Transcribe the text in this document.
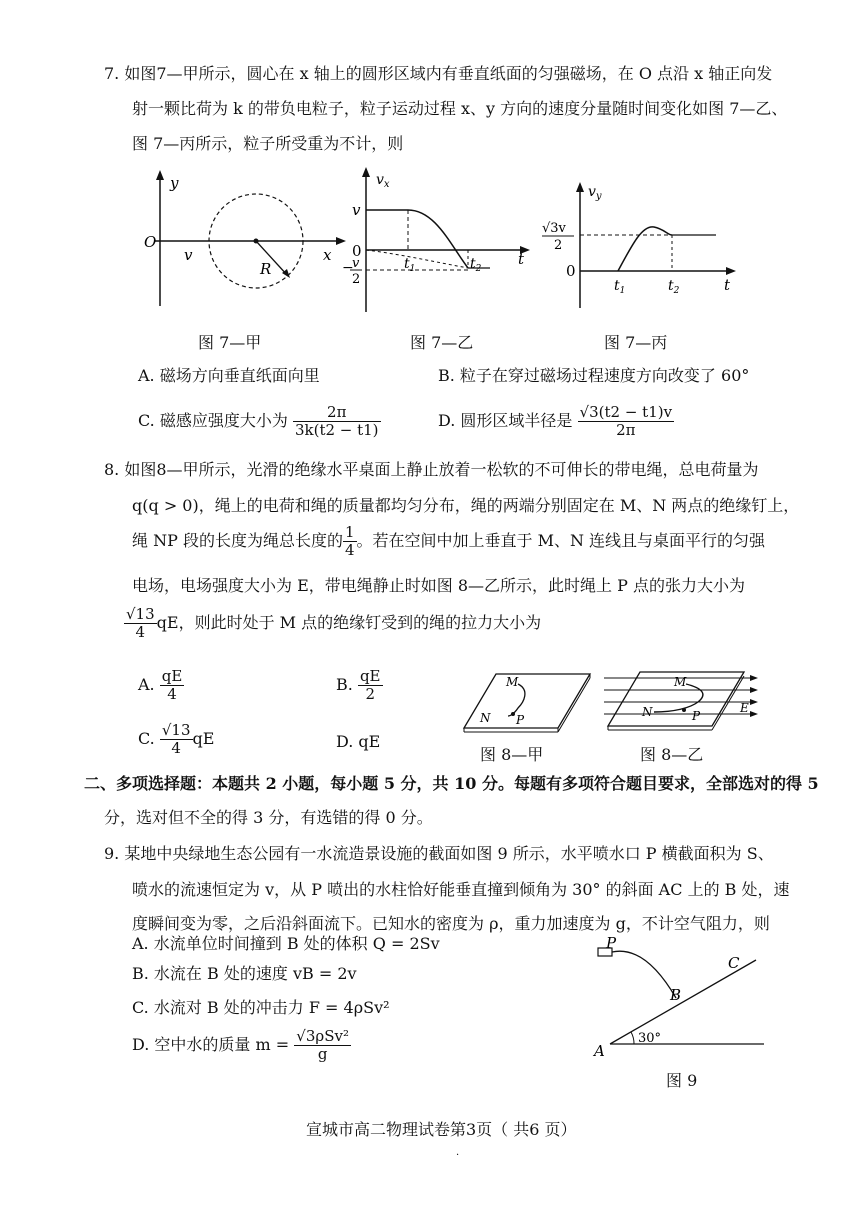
7. 如图7—甲所示，圆心在 x 轴上的圆形区域内有垂直纸面的匀强磁场，在 O 点沿 x 轴正向发
射一颗比荷为 k 的带负电粒子，粒子运动过程 x、y 方向的速度分量随时间变化如图 7—乙、
图 7—丙所示，粒子所受重为不计，则
y
O
v	x
R
图 7—甲
$v_x$
v
0
−
v
2
$t_1$	$t_2$
t
图 7—乙
$v_y$
√3v
2
0
$t_1$	$t_2$	t
图 7—丙
A. 磁场方向垂直纸面向里	B. 粒子在穿过磁场过程速度方向改变了 60°
C. 磁感应强度大小为 $\frac{2\pi}{3k(t2 - t1)}$	D. 圆形区域半径是 $\frac{√3(t2 - t1)v}{2\pi}$
8. 如图8—甲所示，光滑的绝缘水平桌面上静止放着一松软的不可伸长的带电绳，总电荷量为
q(q > 0)，绳上的电荷和绳的质量都均匀分布，绳的两端分别固定在 M、N 两点的绝缘钉上，
绳 NP 段的长度为绳总长度的 $\frac{1}{4}$ 。若在空间中加上垂直于 M、N 连线且与桌面平行的匀强
电场，电场强度大小为 E，带电绳静止时如图 8—乙所示，此时绳上 P 点的张力大小为
$\frac{√13}{4}$ qE，则此时处于 M 点的绝缘钉受到的绳的拉力大小为
A. $\frac{qE}{4}$	B. $\frac{qE}{2}$
C. $\frac{√13}{4}$ qE	D. qE
M
N P
图 8—甲
M
N	P
E
图 8—乙
二、多项选择题：本题共 2 小题，每小题 5 分，共 10 分。每题有多项符合题目要求，全部选对的得 5
分，选对但不全的得 3 分，有选错的得 0 分。
9. 某地中央绿地生态公园有一水流造景设施的截面如图 9 所示，水平喷水口 P 横截面积为 S、
喷水的流速恒定为 v，从 P 喷出的水柱恰好能垂直撞到倾角为 30° 的斜面 AC 上的 B 处，速
度瞬间变为零，之后沿斜面流下。已知水的密度为 ρ，重力加速度为 g，不计空气阻力，则
A. 水流单位时间撞到 B 处的体积 Q = 2Sv
B. 水流在 B 处的速度 vB = 2v
C. 水流对 B 处的冲击力 F = 4ρSv²
D. 空中水的质量 $m = \frac{\text{√3ρSv²}}{g}$
P
C
B
A
30°
图 9
宣城市高二物理试卷第3页（ 共6 页）
·
